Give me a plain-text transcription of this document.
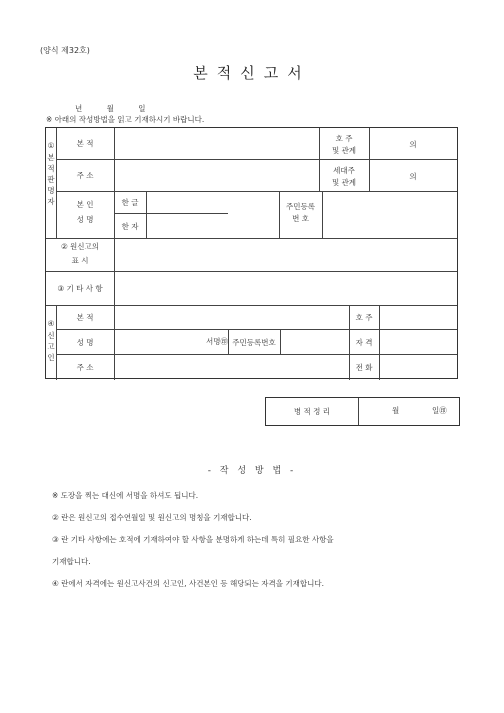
(양식 제32호)
본적신고서
년 월 일
※ 아래의 작성방법을 읽고 기재하시기 바랍니다.
①
본적판명자
본 적
주 소
본 인
성 명
한 글
한 자
주민등록
번 호
호 주
및 관계
의
세대주
및 관계
의
② 원신고의
표 시
③ 기 타 사 항
④
신고인
본 적
성 명
주 소
서명㊞ 주민등록번호
호 주
자 격
전 화
병 적 정 리	월	일㊞
- 작 성 방 법 -
※ 도장을 찍는 대신에 서명을 하셔도 됩니다.
② 란은 원신고의 접수연월일 및 원신고의 명칭을 기재합니다.
③ 란 기타 사항에는 호적에 기재하여야 할 사항을 분명하게 하는데 특히 필요한 사항을
기재합니다.
④ 란에서 자격에는 원신고사건의 신고인, 사건본인 등 해당되는 자격을 기재합니다.
